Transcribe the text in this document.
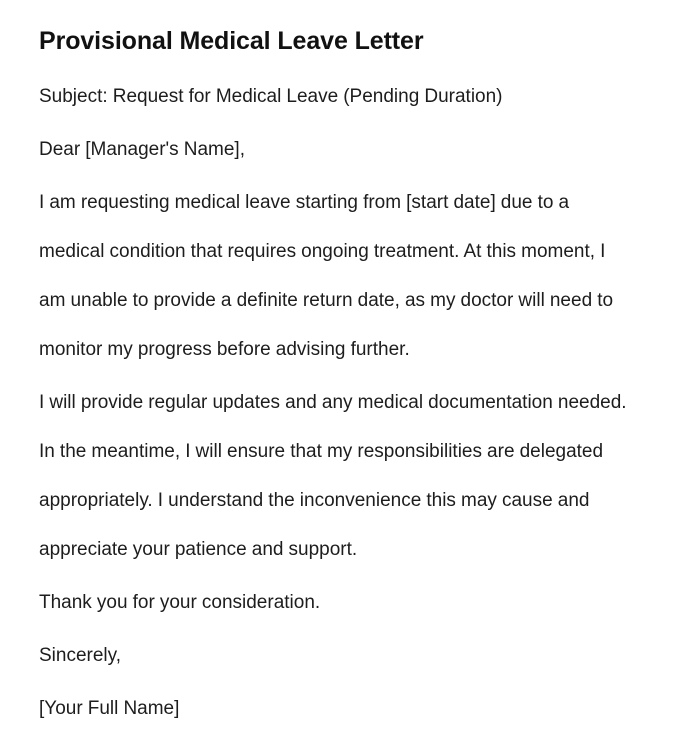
Provisional Medical Leave Letter

Subject: Request for Medical Leave (Pending Duration)

Dear [Manager's Name],

I am requesting medical leave starting from [start date] due to a medical condition that requires ongoing treatment. At this moment, I am unable to provide a definite return date, as my doctor will need to monitor my progress before advising further.

I will provide regular updates and any medical documentation needed. In the meantime, I will ensure that my responsibilities are delegated appropriately. I understand the inconvenience this may cause and appreciate your patience and support.

Thank you for your consideration.

Sincerely,

[Your Full Name]
